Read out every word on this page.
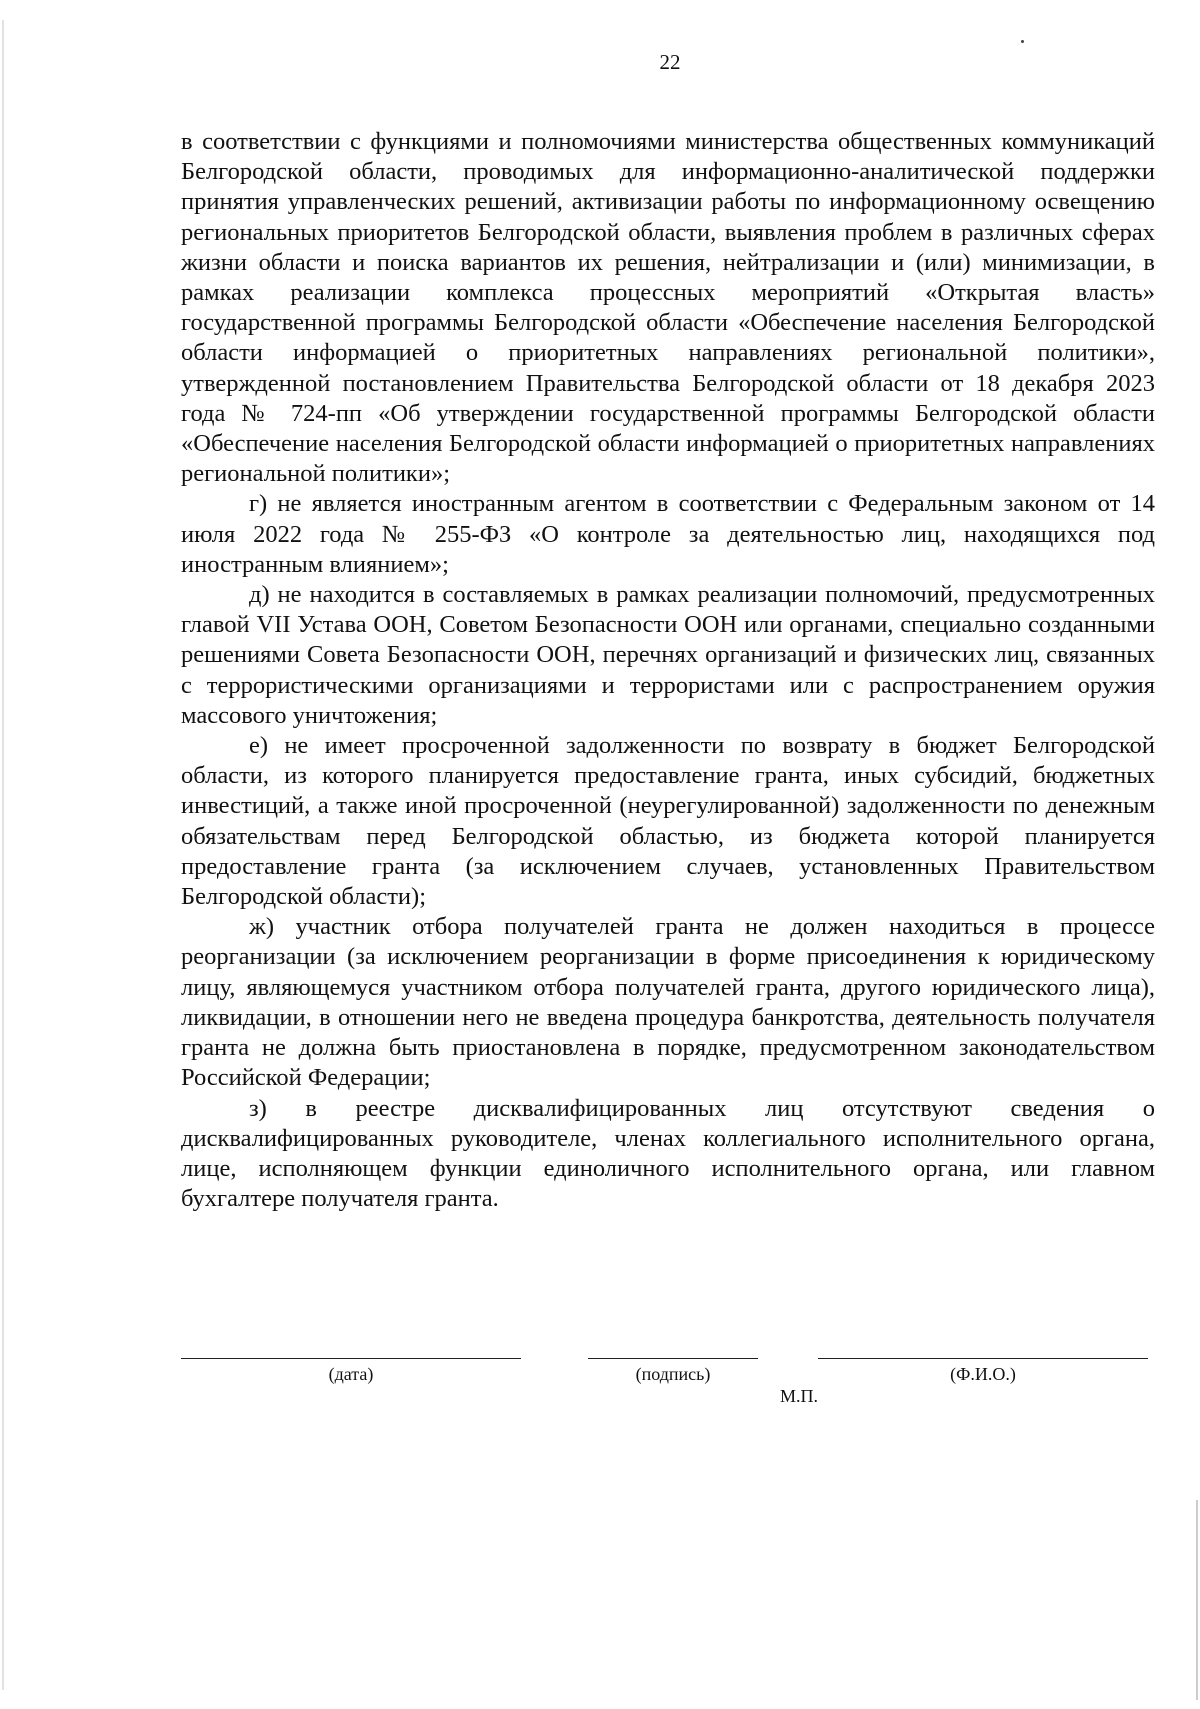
22

в соответствии с функциями и полномочиями министерства общественных коммуникаций Белгородской области, проводимых для информационно-аналитической поддержки принятия управленческих решений, активизации работы по информационному освещению региональных приоритетов Белгородской области, выявления проблем в различных сферах жизни области и поиска вариантов их решения, нейтрализации и (или) минимизации, в рамках реализации комплекса процессных мероприятий «Открытая власть» государственной программы Белгородской области «Обеспечение населения Белгородской области информацией о приоритетных направлениях региональной политики», утвержденной постановлением Правительства Белгородской области от 18 декабря 2023 года № 724-пп «Об утверждении государственной программы Белгородской области «Обеспечение населения Белгородской области информацией о приоритетных направлениях региональной политики»;

г) не является иностранным агентом в соответствии с Федеральным законом от 14 июля 2022 года № 255-ФЗ «О контроле за деятельностью лиц, находящихся под иностранным влиянием»;

д) не находится в составляемых в рамках реализации полномочий, предусмотренных главой VII Устава ООН, Советом Безопасности ООН или органами, специально созданными решениями Совета Безопасности ООН, перечнях организаций и физических лиц, связанных с террористическими организациями и террористами или с распространением оружия массового уничтожения;

е) не имеет просроченной задолженности по возврату в бюджет Белгородской области, из которого планируется предоставление гранта, иных субсидий, бюджетных инвестиций, а также иной просроченной (неурегулированной) задолженности по денежным обязательствам перед Белгородской областью, из бюджета которой планируется предоставление гранта (за исключением случаев, установленных Правительством Белгородской области);

ж) участник отбора получателей гранта не должен находиться в процессе реорганизации (за исключением реорганизации в форме присоединения к юридическому лицу, являющемуся участником отбора получателей гранта, другого юридического лица), ликвидации, в отношении него не введена процедура банкротства, деятельность получателя гранта не должна быть приостановлена в порядке, предусмотренном законодательством Российской Федерации;

з) в реестре дисквалифицированных лиц отсутствуют сведения о дисквалифицированных руководителе, членах коллегиального исполнительного органа, лице, исполняющем функции единоличного исполнительного органа, или главном бухгалтере получателя гранта.

(дата)	(подпись)	(Ф.И.О.)
М.П.
